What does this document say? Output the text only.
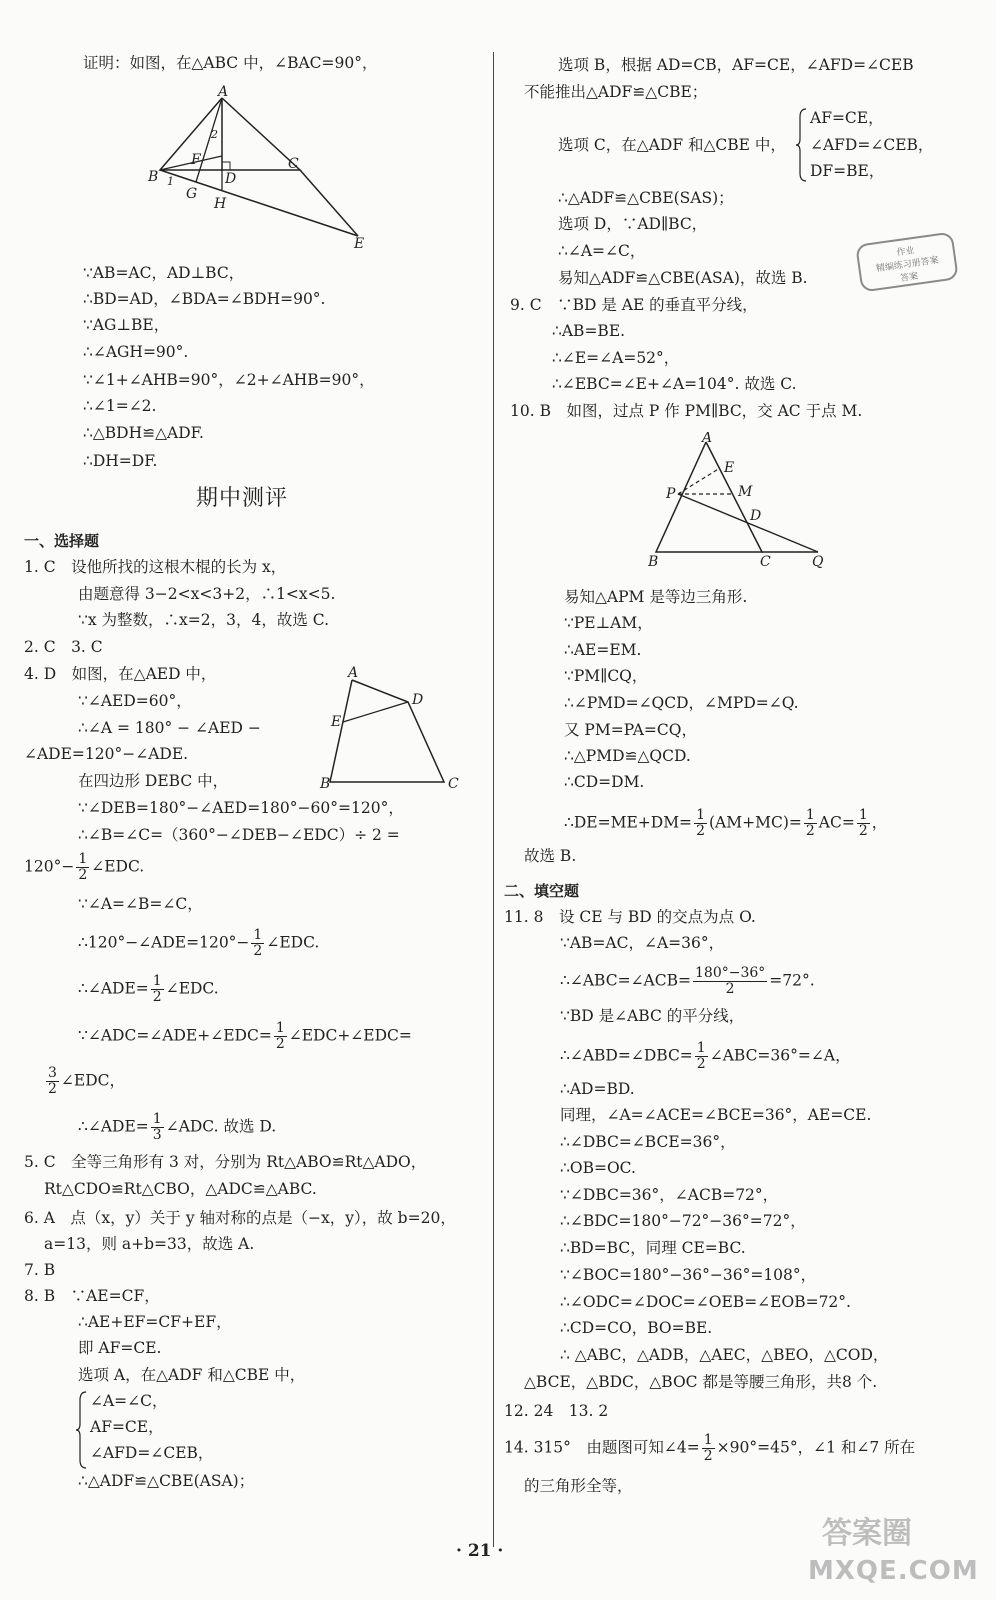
证明：如图，在△ABC 中，∠BAC=90°，
A
B
C
D
E
F
G
H
1
2
∵AB=AC，AD⊥BC，
∴BD=AD，∠BDA=∠BDH=90°.
∵AG⊥BE，
∴∠AGH=90°.
∵∠1+∠AHB=90°，∠2+∠AHB=90°，
∴∠1=∠2.
∴△BDH≌△ADF.
∴DH=DF.
期中测评
一、选择题
1. C　设他所找的这根木棍的长为 x，
由题意得 3−2<x<3+2，∴1<x<5.
∵x 为整数，∴x=2，3，4，故选 C.
2. C　3. C
4. D　如图，在△AED 中，
∵∠AED=60°，
∴∠A = 180° − ∠AED −
∠ADE=120°−∠ADE.
在四边形 DEBC 中，
∵∠DEB=180°−∠AED=180°−60°=120°，
∴∠B=∠C=（360°−∠DEB−∠EDC）÷ 2 =
$120^\circ- \frac{1}{2}$ ∠EDC.
∵∠A=∠B=∠C，
∴120°−∠ADE=120°− $\frac{1}{2}$ ∠EDC.
∴∠ADE= $\frac{1}{2}$ ∠EDC.
∵∠ADC=∠ADE+∠EDC= $\frac{1}{2}$ ∠EDC+∠EDC=
$\frac{3}{2}$ ∠EDC，
∴∠ADE= $\frac{1}{3}$ ∠ADC. 故选 D.
A
B	C
D
E
5. C　全等三角形有 3 对，分别为 Rt△ABO≌Rt△ADO，
Rt△CDO≌Rt△CBO，△ADC≌△ABC.
6. A　点（x，y）关于 y 轴对称的点是（−x，y），故 b=20，
a=13，则 a+b=33，故选 A.
7. B
8. B　∵AE=CF，
∴AE+EF=CF+EF，
即 AF=CE.
选项 A，在△ADF 和△CBE 中，
∠A=∠C，
AF=CE，
∠AFD=∠CEB，
∴△ADF≌△CBE(ASA)；
选项 B，根据 AD=CB，AF=CE，∠AFD=∠CEB
不能推出△ADF≌△CBE；
AF=CE，
选项 C，在△ADF 和△CBE 中， ∠AFD=∠CEB，
DF=BE，
∴△ADF≌△CBE(SAS)；
选项 D，∵AD∥BC，
∴∠A=∠C，
易知△ADF≌△CBE(ASA)，故选 B.
9. C　∵BD 是 AE 的垂直平分线，
∴AB=BE.
∴∠E=∠A=52°，
∴∠EBC=∠E+∠A=104°. 故选 C.
10. B　如图，过点 P 作 PM∥BC，交 AC 于点 M.
A
B	C
D
E
M
P
Q
易知△APM 是等边三角形.
∵PE⊥AM，
∴AE=EM.
∵PM∥CQ，
∴∠PMD=∠QCD，∠MPD=∠Q.
又 PM=PA=CQ，
∴△PMD≌△QCD.
∴CD=DM.
∴DE=ME+DM= $\frac{1}{2} (AM+MC)= \frac{1}{2} AC= \frac{1}{2}$ ，
故选 B.
二、填空题
11. 8　设 CE 与 BD 的交点为点 O.
∵AB=AC，∠A=36°，
∴∠ABC=∠ACB= $\frac{180^\circ-36^\circ}{2} =72^\circ$.
∵BD 是∠ABC 的平分线，
∴∠ABD=∠DBC= $\frac{1}{2}$ ∠ABC=36°=∠A，
∴AD=BD.
同理，∠A=∠ACE=∠BCE=36°，AE=CE.
∴∠DBC=∠BCE=36°，
∴OB=OC.
∵∠DBC=36°，∠ACB=72°，
∴∠BDC=180°−72°−36°=72°，
∴BD=BC，同理 CE=BC.
∵∠BOC=180°−36°−36°=108°，
∴∠ODC=∠DOC=∠OEB=∠EOB=72°.
∴CD=CO，BO=BE.
∴ △ABC，△ADB，△AEC，△BEO，△COD，
△BCE，△BDC，△BOC 都是等腰三角形，共8 个.
12. 24　13. 2
14. 315°　由题图可知∠4= $\frac{1}{2} \times 90^\circ=45^\circ$，∠1 和∠7 所在
的三角形全等，
作业
精编练习册答案
答案
· 21 ·	答案圈
MXQE.COM
